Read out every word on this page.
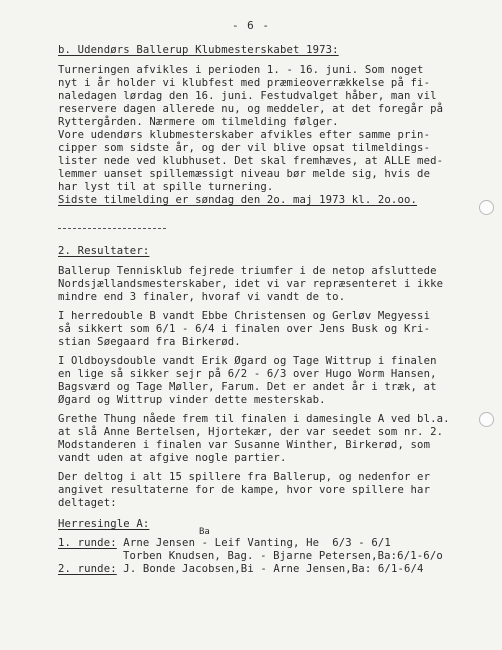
- 6 -
b. Udendørs Ballerup Klubmesterskabet 1973:
Turneringen afvikles i perioden 1. - 16. juni. Som noget
nyt i år holder vi klubfest med præmieoverrækkelse på fi-
naledagen lørdag den 16. juni. Festudvalget håber, man vil
reservere dagen allerede nu, og meddeler, at det foregår på
Ryttergården. Nærmere om tilmelding følger.
Vore udendørs klubmesterskaber afvikles efter samme prin-
cipper som sidste år, og der vil blive opsat tilmeldings-
lister nede ved klubhuset. Det skal fremhæves, at ALLE med-
lemmer uanset spillemæssigt niveau bør melde sig, hvis de
har lyst til at spille turnering.
Sidste tilmelding er søndag den 2o. maj 1973 kl. 2o.oo.
2. Resultater:
Ballerup Tennisklub fejrede triumfer i de netop afsluttede
Nordsjællandsmesterskaber, idet vi var repræsenteret i ikke
mindre end 3 finaler, hvoraf vi vandt de to.
I herredouble B vandt Ebbe Christensen og Gerløv Megyessi
så sikkert som 6/1 - 6/4 i finalen over Jens Busk og Kri-
stian Søegaard fra Birkerød.
I Oldboysdouble vandt Erik Øgard og Tage Wittrup i finalen
en lige så sikker sejr på 6/2 - 6/3 over Hugo Worm Hansen,
Bagsværd og Tage Møller, Farum. Det er andet år i træk, at
Øgard og Wittrup vinder dette mesterskab.
Grethe Thung nåede frem til finalen i damesingle A ved bl.a.
at slå Anne Bertelsen, Hjortekær, der var seedet som nr. 2.
Modstanderen i finalen var Susanne Winther, Birkerød, som
vandt uden at afgive nogle partier.
Der deltog i alt 15 spillere fra Ballerup, og nedenfor er
angivet resultaterne for de kampe, hvor vore spillere har
deltaget:
Herresingle A:
Ba
1. runde: Arne Jensen - Leif Vanting, He  6/3 - 6/1
Torben Knudsen, Bag. - Bjarne Petersen,Ba:6/1-6/o
2. runde: J. Bonde Jacobsen,Bi - Arne Jensen,Ba: 6/1-6/4
